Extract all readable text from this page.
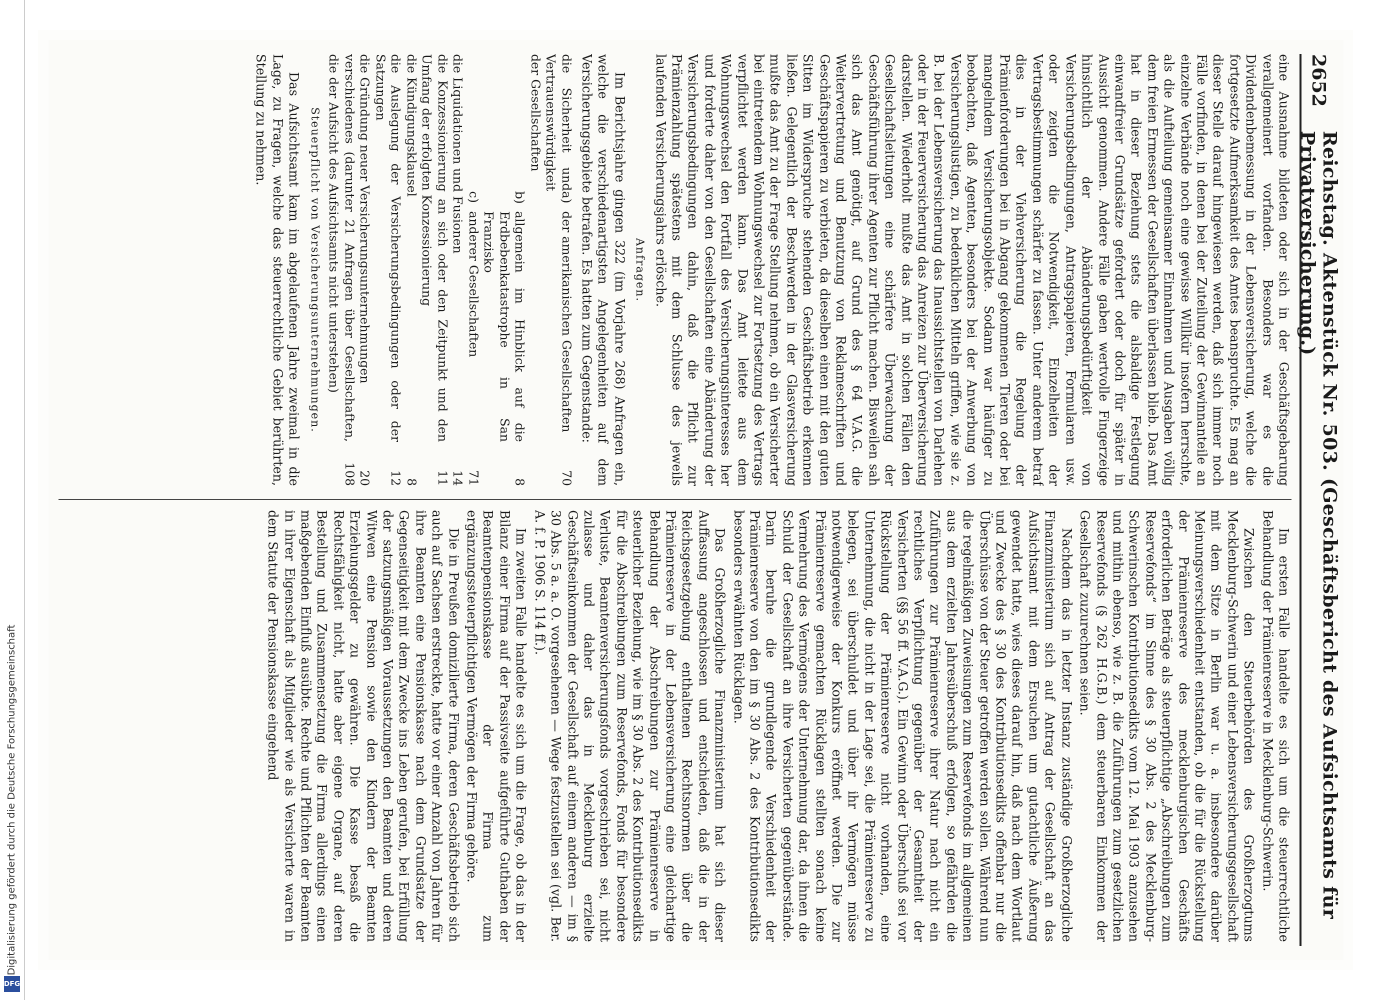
Digitalisierung gefördert durch die Deutsche Forschungsgemeinschaft
DFG
2652
Reichstag. Aktenstück Nr. 503. (Geschäftsbericht des Aufsichtsamts für Privatversicherung.)

eine Ausnahme bildeten oder sich in der Geschäftsgebarung verallgemeinert vorfanden. Besonders war es die Dividendenbemessung in der Lebensversicherung, welche die fortgesetzte Aufmerksamkeit des Amtes beanspruchte. Es mag an dieser Stelle darauf hingewiesen werden, daß sich immer noch Fälle vorfinden, in denen bei der Zuteilung der Gewinnanteile an einzelne Verbände noch eine gewisse Willkür insofern herrschte, als die Aufteilung gemeinsamer Einnahmen und Ausgaben völlig dem freien Ermessen der Gesellschaften überlassen blieb. Das Amt hat in dieser Beziehung stets die alsbaldige Festlegung einwandfreier Grundsätze gefordert oder doch für später in Aussicht genommen. Andere Fälle gaben wertvolle Fingerzeige hinsichtlich der Abänderungsbedürftigkeit von Versicherungsbedingungen, Antragspapieren, Formularen usw. oder zeigten die Notwendigkeit, Einzelheiten der Vertragsbestimmungen schärfer zu fassen. Unter anderem betraf dies in der Viehversicherung die Regelung der Prämienforderungen bei in Abgang gekommenen Tieren oder bei mangelndem Versicherungsobjekte. Sodann war häufiger zu beobachten, daß Agenten, besonders bei der Anwerbung von Versicherungslustigen, zu bedenklichen Mitteln griffen, wie sie z. B. bei der Lebensversicherung das Inaussichtstellen von Darlehen oder in der Feuerversicherung das Anreizen zur Überversicherung darstellen. Wiederholt mußte das Amt in solchen Fällen den Gesellschaftsleitungen eine schärfere Überwachung der Geschäftsführung ihrer Agenten zur Pflicht machen. Bisweilen sah sich das Amt genötigt, auf Grund des § 64 V.A.G. die Weitervertretung und Benutzung von Reklameschriften und Geschäftspapieren zu verbieten, da dieselben einen mit den guten Sitten im Widerspruche stehenden Geschäftsbetrieb erkennen ließen. Gelegentlich der Beschwerden in der Glasversicherung mußte das Amt zu der Frage Stellung nehmen, ob ein Versicherter bei eintretendem Wohnungswechsel zur Fortsetzung des Vertrags verpflichtet werden kann. Das Amt leitete aus dem Wohnungswechsel den Fortfall des Versicherungsinteresses her und forderte daher von den Gesellschaften eine Abänderung der Versicherungsbedingungen dahin, daß die Pflicht zur Prämienzahlung spätestens mit dem Schlusse des jeweils laufenden Versicherungsjahrs erlösche.

Anfragen.

Im Berichtsjahre gingen 322 (im Vorjahre 268) Anfragen ein, welche die verschiedenartigsten Angelegenheiten auf dem Versicherungsgebiete betrafen. Es hatten zum Gegenstande:

die Sicherheit und Vertrauenswürdigkeit der Gesellschaften	a)	der amerikanischen Gesellschaften	70
	b)	allgemein im Hinblick auf die Erdbebenkatastrophe in San Franzisko	8
	c)	anderer Gesellschaften	71
die Liquidationen und Fusionen			14
die Konzessionierung an sich oder den Zeitpunkt und den Umfang der erfolgten Konzessionierung			11
die Kündigungsklausel			8
die Auslegung der Versicherungsbedingungen oder der Satzungen			12
die Gründung neuer Versicherungsunternehmungen			20
verschiedenes (darunter 21 Anfragen über Gesellschaften, die der Aufsicht des Aufsichtsamts nicht unterstehen)			108
Steuerpflicht von Versicherungsunternehmungen.

Das Aufsichtsamt kam im abgelaufenen Jahre zweimal in die Lage, zu Fragen, welche das steuerrechtliche Gebiet berührten, Stellung zu nehmen.

Im ersten Falle handelte es sich um die steuerrechtliche Behandlung der Prämienreserve in Mecklenburg-Schwerin.

Zwischen den Steuerbehörden des Großherzogtums Mecklenburg-Schwerin und einer Lebensversicherungsgesellschaft mit dem Sitze in Berlin war u. a. insbesondere darüber Meinungsverschiedenheit entstanden, ob die für die Rückstellung der Prämienreserve des mecklenburgischen Geschäfts erforderlichen Beträge als steuerpflichtige „Abschreibungen zum Reservefonds“ im Sinne des § 30 Abs. 2 des Mecklenburg-Schwerinschen Kontributionsedikts vom 12. Mai 1903 anzusehen und mithin ebenso, wie z. B. die Zuführungen zum gesetzlichen Reservefonds (§ 262 H.G.B.) dem steuerbaren Einkommen der Gesellschaft zuzurechnen seien.

Nachdem das in letzter Instanz zuständige Großherzogliche Finanzministerium sich auf Antrag der Gesellschaft an das Aufsichtsamt mit dem Ersuchen um gutachtliche Äußerung gewendet hatte, wies dieses darauf hin, daß nach dem Wortlaut und Zwecke des § 30 des Kontributionsedikts offenbar nur die Überschüsse von der Steuer getroffen werden sollen. Während nun die regelmäßigen Zuweisungen zum Reservefonds im allgemeinen aus dem erzielten Jahresüberschuß erfolgen, so gefährden die Zuführungen zur Prämienreserve ihrer Natur nach nicht ein rechtliches Verpflichtung gegenüber der Gesamtheit der Versicherten (§§ 56 ff. V.A.G.). Ein Gewinn oder Überschuß sei vor Rückstellung der Prämienreserve nicht vorhanden, eine Unternehmung, die nicht in der Lage sei, die Prämienreserve zu belegen, sei überschuldet und über ihr Vermögen müsse notwendigerweise der Konkurs eröffnet werden. Die zur Prämienreserve gemachten Rücklagen stellten sonach keine Vermehrung des Vermögens der Unternehmung dar, da ihnen die Schuld der Gesellschaft an ihre Versicherten gegenüberstände. Darin beruhe die grundlegende Verschiedenheit der Prämienreserve von den im § 30 Abs. 2 des Kontributionsedikts besonders erwähnten Rücklagen.

Das Großherzogliche Finanzministerium hat sich dieser Auffassung angeschlossen und entschieden, daß die in der Reichsgesetzgebung enthaltenen Rechtsnormen über die Prämienreserve in der Lebensversicherung eine gleichartige Behandlung der Abschreibungen zur Prämienreserve in steuerlicher Beziehung, wie im § 30 Abs. 2 des Kontributionsedikts für die Abschreibungen zum Reservefonds, Fonds für besondere Verluste, Beamtenversicherungsfonds vorgeschrieben sei, nicht zulasse und daher das in Mecklenburg erzielte Geschäftseinkommen der Gesellschaft auf einem anderen — im § 30 Abs. 5 a. a. O. vorgesehenen — Wege festzustellen sei (vgl. Ber. A. f. P. 1906 S. 114 ff.).

Im zweiten Falle handelte es sich um die Frage, ob das in der Bilanz einer Firma auf der Passivseite aufgeführte Guthaben der Beamtenpensionskasse der Firma zum ergänzungssteuerpflichtigen Vermögen der Firma gehöre.

Die in Preußen domizilierte Firma, deren Geschäftsbetrieb sich auch auf Sachsen erstreckte, hatte vor einer Anzahl von Jahren für ihre Beamten eine Pensionskasse nach dem Grundsatze der Gegenseitigkeit mit dem Zwecke ins Leben gerufen, bei Erfüllung der satzungsmäßigen Voraussetzungen den Beamten und deren Witwen eine Pension sowie den Kindern der Beamten Erziehungsgelder zu gewähren. Die Kasse besaß die Rechtsfähigkeit nicht, hatte aber eigene Organe, auf deren Bestellung und Zusammensetzung die Firma allerdings einen maßgebenden Einfluß ausübte. Rechte und Pflichten der Beamten in ihrer Eigenschaft als Mitglieder wie als Versicherte waren in dem Statute der Pensionskasse eingehend
